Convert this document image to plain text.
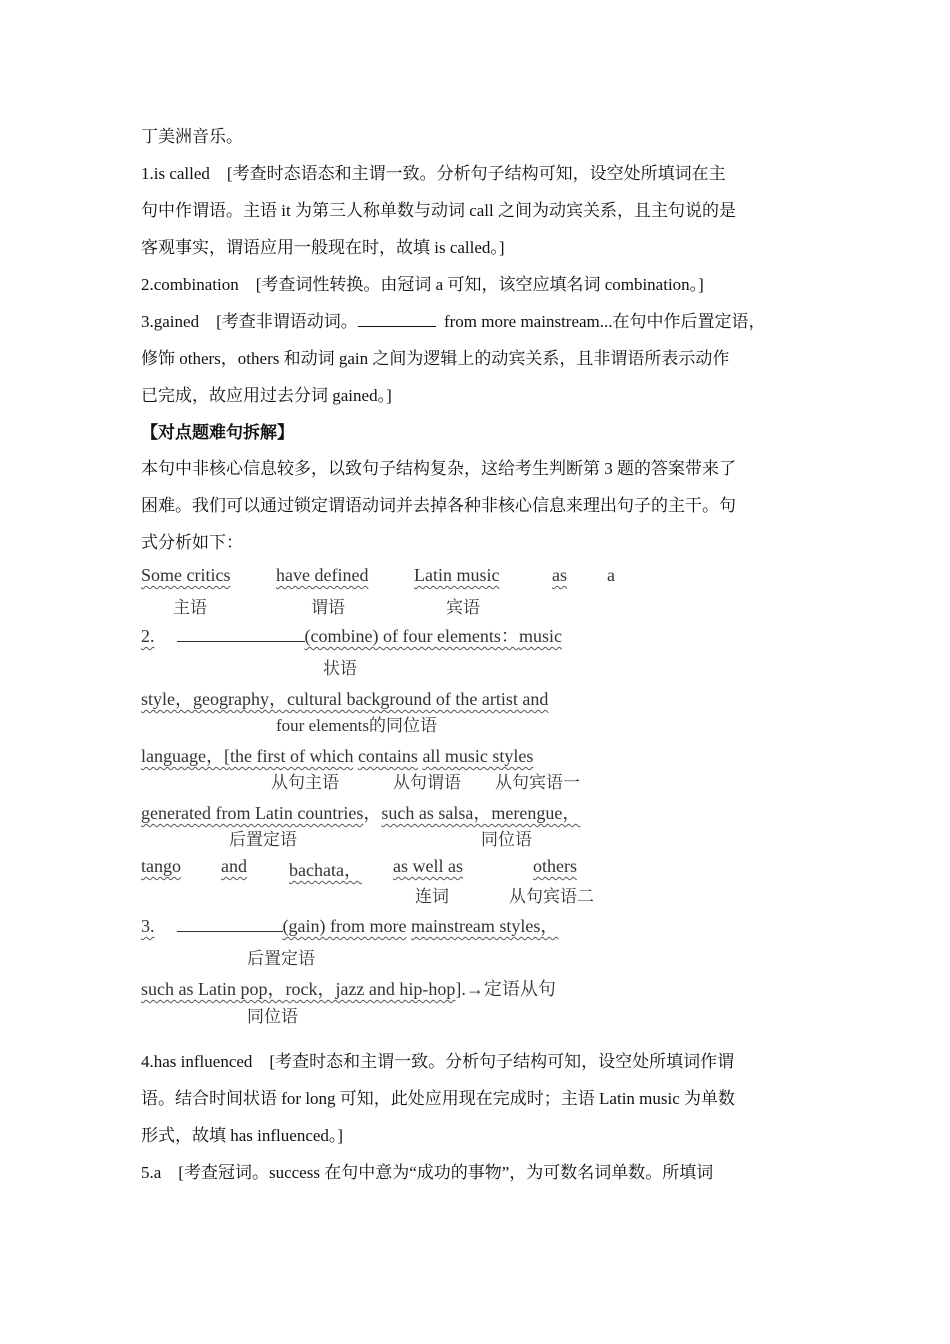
丁美洲音乐。
1.is called　[考查时态语态和主谓一致。分析句子结构可知，设空处所填词在主
句中作谓语。主语 it 为第三人称单数与动词 call 之间为动宾关系，且主句说的是
客观事实，谓语应用一般现在时，故填 is called。]
2.combination　[考查词性转换。由冠词 a 可知，该空应填名词 combination。]
3.gained　[考查非谓语动词。	from more mainstream...在句中作后置定语，
修饰 others，others 和动词 gain 之间为逻辑上的动宾关系，且非谓语所表示动作
已完成，故应用过去分词 gained。]
【对点题难句拆解】
本句中非核心信息较多，以致句子结构复杂，这给考生判断第 3 题的答案带来了
困难。我们可以通过锁定谓语动词并去掉各种非核心信息来理出句子的主干。句
式分析如下：
Some critics	have defined	Latin music	as a
主语	谓语	宾语
2.	(combine) of four elements：music
状语
style，geography，cultural background of the artist and
four elements的同位语
language，[the first of which contains all music styles
从句主语	从句谓语 从句宾语一
generated from Latin countries，such as salsa，merengue，
后置定语	同位语
tango and bachata， as well as	others
连词	从句宾语二
3.	(gain) from more mainstream styles，
后置定语
such as Latin pop，rock，jazz and hip-hop].→定语从句
同位语
4.has influenced　[考查时态和主谓一致。分析句子结构可知，设空处所填词作谓
语。结合时间状语 for long 可知，此处应用现在完成时；主语 Latin music 为单数
形式，故填 has influenced。]
5.a　[考查冠词。success 在句中意为“成功的事物”，为可数名词单数。所填词
